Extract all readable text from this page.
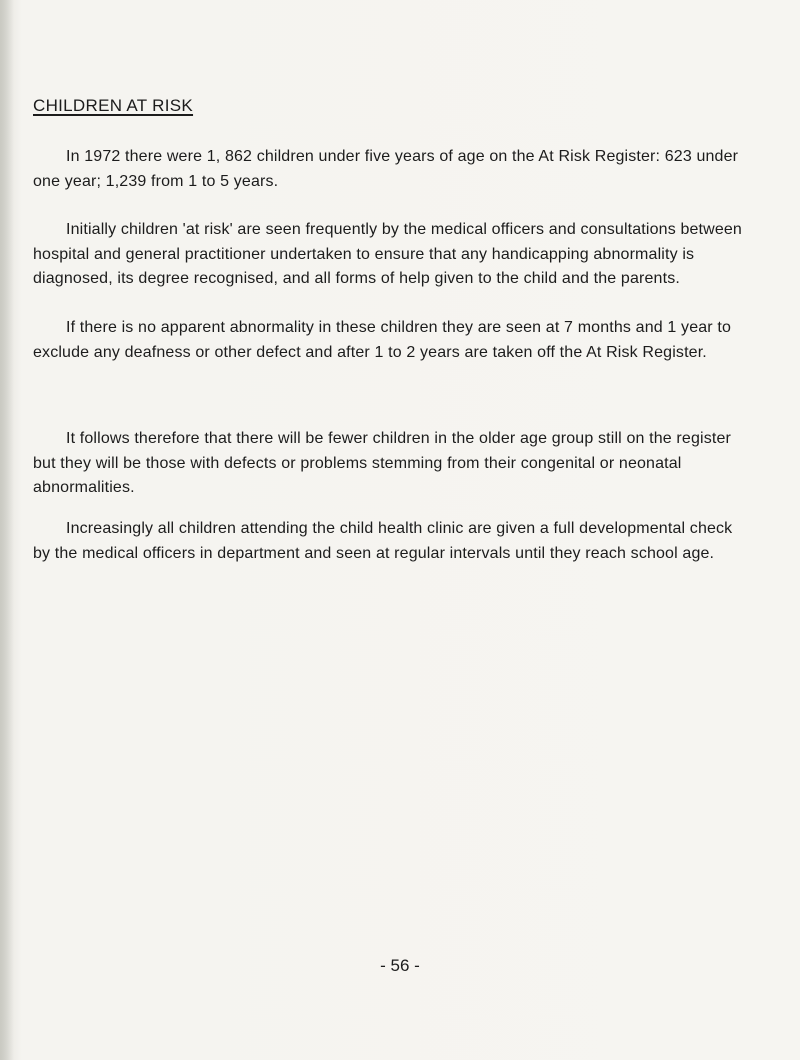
CHILDREN AT RISK

In 1972 there were 1, 862 children under five years of age on the At Risk Register: 623 under one year; 1,239 from 1 to 5 years.

Initially children 'at risk' are seen frequently by the medical officers and consultations between hospital and general practitioner undertaken to ensure that any handicapping abnormality is diagnosed, its degree recognised, and all forms of help given to the child and the parents.

If there is no apparent abnormality in these children they are seen at 7 months and 1 year to exclude any deafness or other defect and after 1 to 2 years are taken off the At Risk Register.

It follows therefore that there will be fewer children in the older age group still on the register but they will be those with defects or problems stemming from their congenital or neonatal abnormalities.

Increasingly all children attending the child health clinic are given a full developmental check by the medical officers in department and seen at regular intervals until they reach school age.

- 56 -
